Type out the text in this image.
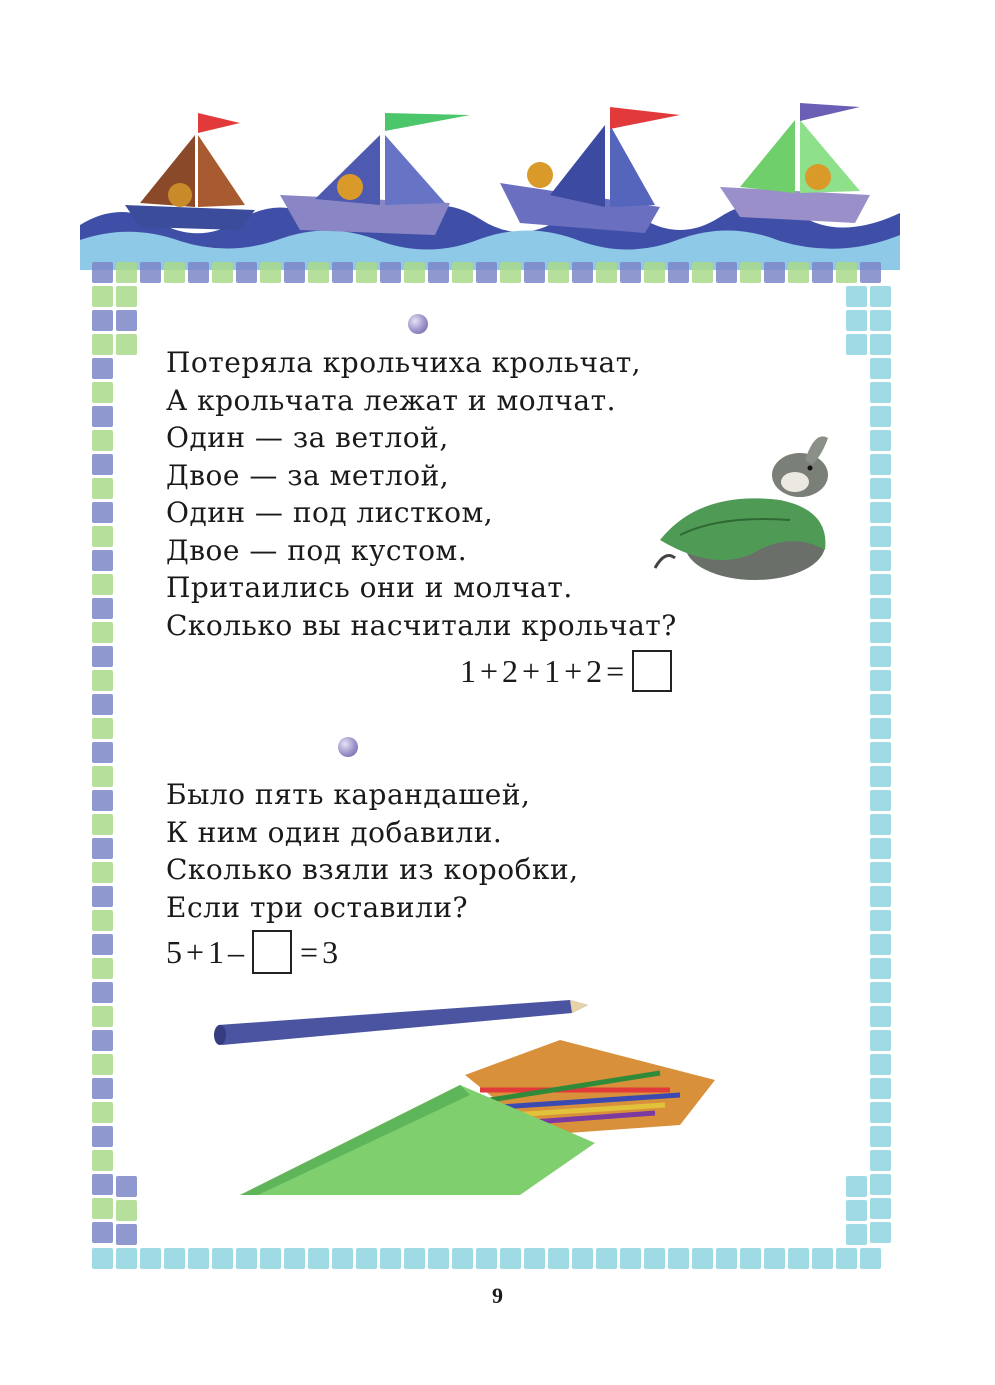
Потеряла крольчиха крольчат,
А крольчата лежат и молчат.
Один — за ветлой,
Двое — за метлой,
Один — под листком,
Двое — под кустом.
Притаились они и молчат.
Сколько вы насчитали крольчат?
1 + 2 + 1 + 2 =
Было пять карандашей,
К ним один добавили.
Сколько взяли из коробки,
Если три оставили?
5 + 1 – = 3
9
